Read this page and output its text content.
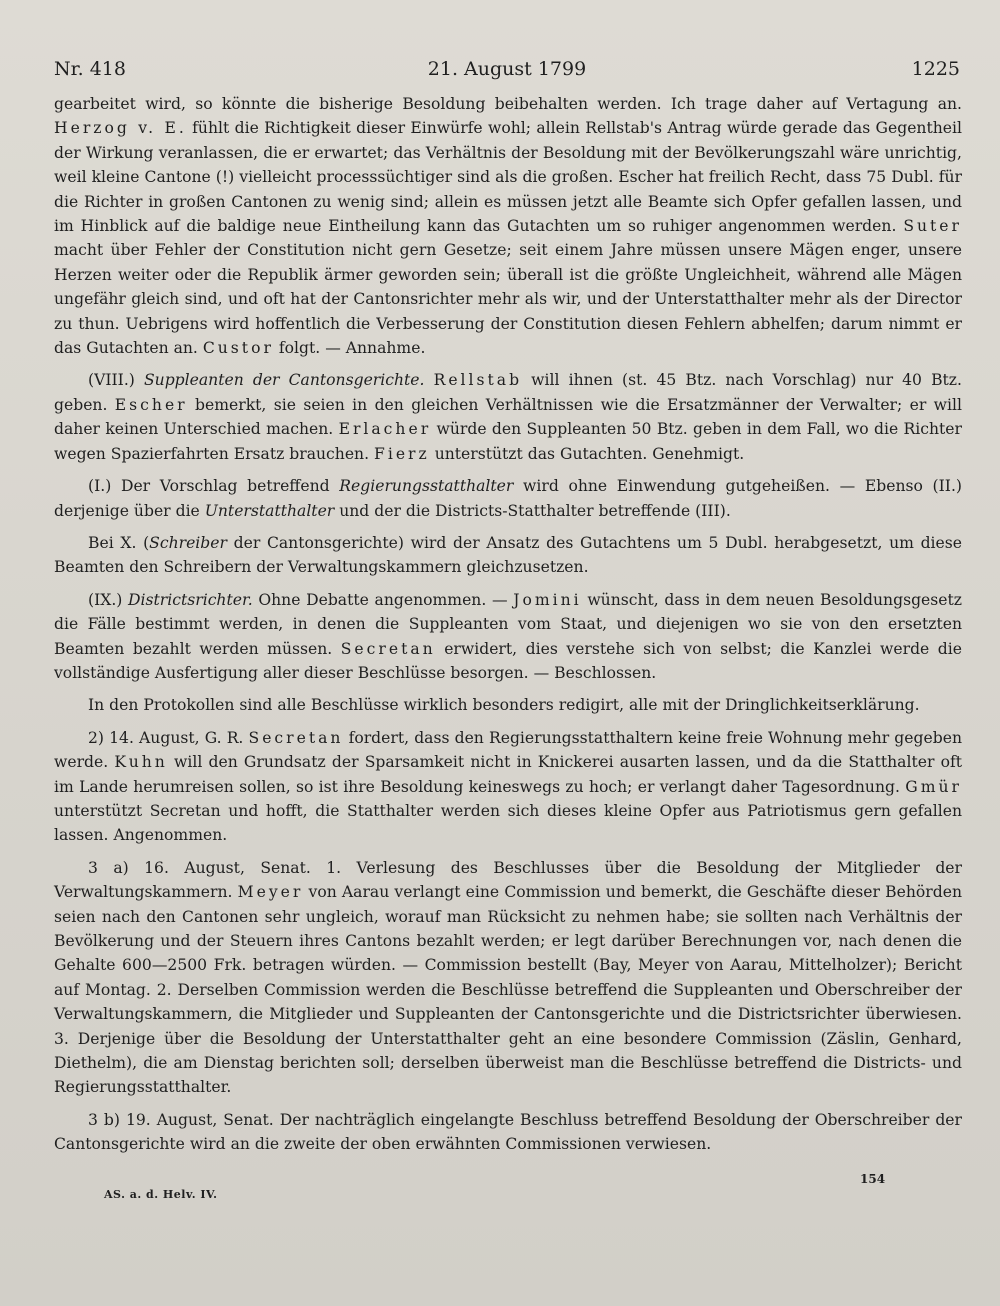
Nr. 418	21. August 1799	1225

gearbeitet wird, so könnte die bisherige Besoldung beibehalten werden. Ich trage daher auf Vertagung an. Herzog v. E. fühlt die Richtigkeit dieser Einwürfe wohl; allein Rellstab's Antrag würde gerade das Gegentheil der Wirkung veranlassen, die er erwartet; das Verhältnis der Besoldung mit der Bevölkerungszahl wäre unrichtig, weil kleine Cantone (!) vielleicht processsüchtiger sind als die großen. Escher hat freilich Recht, dass 75 Dubl. für die Richter in großen Cantonen zu wenig sind; allein es müssen jetzt alle Beamte sich Opfer gefallen lassen, und im Hinblick auf die baldige neue Eintheilung kann das Gutachten um so ruhiger angenommen werden. Suter macht über Fehler der Constitution nicht gern Gesetze; seit einem Jahre müssen unsere Mägen enger, unsere Herzen weiter oder die Republik ärmer geworden sein; überall ist die größte Ungleichheit, während alle Mägen ungefähr gleich sind, und oft hat der Cantonsrichter mehr als wir, und der Unterstatthalter mehr als der Director zu thun. Uebrigens wird hoffentlich die Verbesserung der Constitution diesen Fehlern abhelfen; darum nimmt er das Gutachten an. Custor folgt. — Annahme.

(VIII.) Suppleanten der Cantonsgerichte. Rellstab will ihnen (st. 45 Btz. nach Vorschlag) nur 40 Btz. geben. Escher bemerkt, sie seien in den gleichen Verhältnissen wie die Ersatzmänner der Verwalter; er will daher keinen Unterschied machen. Erlacher würde den Suppleanten 50 Btz. geben in dem Fall, wo die Richter wegen Spazierfahrten Ersatz brauchen. Fierz unterstützt das Gutachten. Genehmigt.

(I.) Der Vorschlag betreffend Regierungsstatthalter wird ohne Einwendung gutgeheißen. — Ebenso (II.) derjenige über die Unterstatthalter und der die Districts-Statthalter betreffende (III).

Bei X. (Schreiber der Cantonsgerichte) wird der Ansatz des Gutachtens um 5 Dubl. herabgesetzt, um diese Beamten den Schreibern der Verwaltungskammern gleichzusetzen.

(IX.) Districtsrichter. Ohne Debatte angenommen. — Jomini wünscht, dass in dem neuen Besoldungsgesetz die Fälle bestimmt werden, in denen die Suppleanten vom Staat, und diejenigen wo sie von den ersetzten Beamten bezahlt werden müssen. Secretan erwidert, dies verstehe sich von selbst; die Kanzlei werde die vollständige Ausfertigung aller dieser Beschlüsse besorgen. — Beschlossen.

In den Protokollen sind alle Beschlüsse wirklich besonders redigirt, alle mit der Dringlichkeitserklärung.

2) 14. August, G. R. Secretan fordert, dass den Regierungsstatthaltern keine freie Wohnung mehr gegeben werde. Kuhn will den Grundsatz der Sparsamkeit nicht in Knickerei ausarten lassen, und da die Statthalter oft im Lande herumreisen sollen, so ist ihre Besoldung keineswegs zu hoch; er verlangt daher Tagesordnung. Gmür unterstützt Secretan und hofft, die Statthalter werden sich dieses kleine Opfer aus Patriotismus gern gefallen lassen. Angenommen.

3 a) 16. August, Senat. 1. Verlesung des Beschlusses über die Besoldung der Mitglieder der Verwaltungskammern. Meyer von Aarau verlangt eine Commission und bemerkt, die Geschäfte dieser Behörden seien nach den Cantonen sehr ungleich, worauf man Rücksicht zu nehmen habe; sie sollten nach Verhältnis der Bevölkerung und der Steuern ihres Cantons bezahlt werden; er legt darüber Berechnungen vor, nach denen die Gehalte 600—2500 Frk. betragen würden. — Commission bestellt (Bay, Meyer von Aarau, Mittelholzer); Bericht auf Montag. 2. Derselben Commission werden die Beschlüsse betreffend die Suppleanten und Oberschreiber der Verwaltungskammern, die Mitglieder und Suppleanten der Cantonsgerichte und die Districtsrichter überwiesen. 3. Derjenige über die Besoldung der Unterstatthalter geht an eine besondere Commission (Zäslin, Genhard, Diethelm), die am Dienstag berichten soll; derselben überweist man die Beschlüsse betreffend die Districts- und Regierungsstatthalter.

3 b) 19. August, Senat. Der nachträglich eingelangte Beschluss betreffend Besoldung der Oberschreiber der Cantonsgerichte wird an die zweite der oben erwähnten Commissionen verwiesen.

154
AS. a. d. Helv. IV.
